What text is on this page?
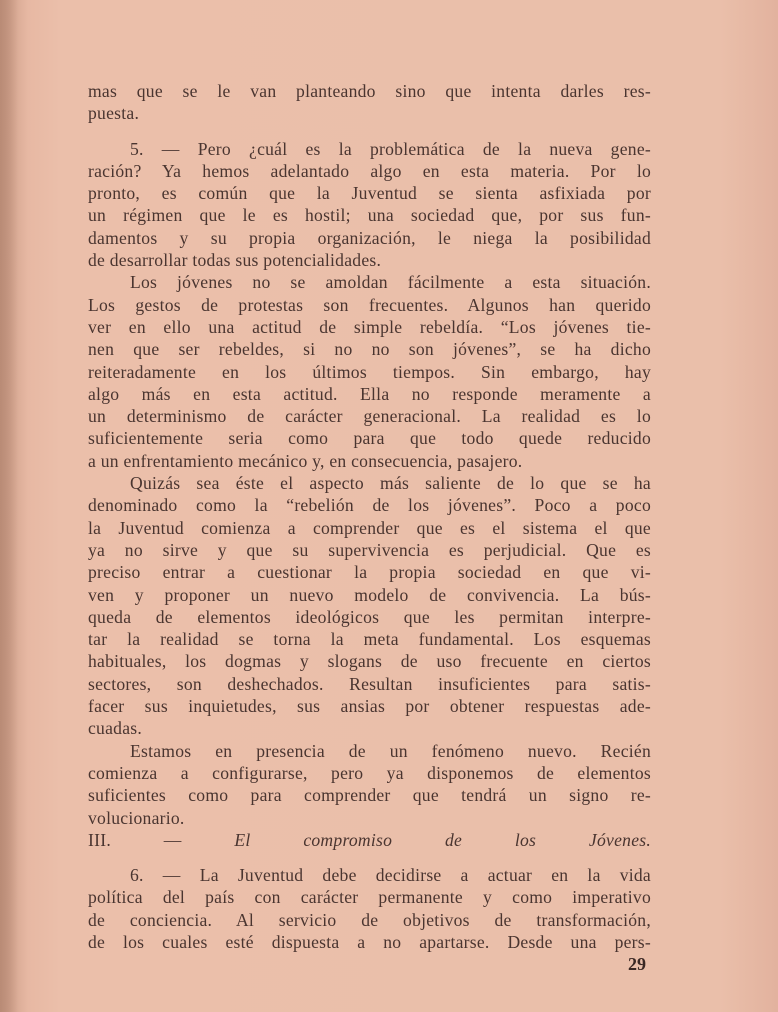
mas que se le van planteando sino que intenta darles res-

puesta.

5. — Pero ¿cuál es la problemática de la nueva gene-

ración? Ya hemos adelantado algo en esta materia. Por lo

pronto, es común que la Juventud se sienta asfixiada por

un régimen que le es hostil; una sociedad que, por sus fun-

damentos y su propia organización, le niega la posibilidad

de desarrollar todas sus potencialidades.

Los jóvenes no se amoldan fácilmente a esta situación.

Los gestos de protestas son frecuentes. Algunos han querido

ver en ello una actitud de simple rebeldía. “Los jóvenes tie-

nen que ser rebeldes, si no no son jóvenes”, se ha dicho

reiteradamente en los últimos tiempos. Sin embargo, hay

algo más en esta actitud. Ella no responde meramente a

un determinismo de carácter generacional. La realidad es lo

suficientemente seria como para que todo quede reducido

a un enfrentamiento mecánico y, en consecuencia, pasajero.

Quizás sea éste el aspecto más saliente de lo que se ha

denominado como la “rebelión de los jóvenes”. Poco a poco

la Juventud comienza a comprender que es el sistema el que

ya no sirve y que su supervivencia es perjudicial. Que es

preciso entrar a cuestionar la propia sociedad en que vi-

ven y proponer un nuevo modelo de convivencia. La bús-

queda de elementos ideológicos que les permitan interpre-

tar la realidad se torna la meta fundamental. Los esquemas

habituales, los dogmas y slogans de uso frecuente en ciertos

sectores, son deshechados. Resultan insuficientes para satis-

facer sus inquietudes, sus ansias por obtener respuestas ade-

cuadas.

Estamos en presencia de un fenómeno nuevo. Recién

comienza a configurarse, pero ya disponemos de elementos

suficientes como para comprender que tendrá un signo re-

volucionario.

III. —	El compromiso de los Jóvenes.

6. — La Juventud debe decidirse a actuar en la vida

política del país con carácter permanente y como imperativo

de conciencia. Al servicio de objetivos de transformación,

de los cuales esté dispuesta a no apartarse. Desde una pers-

29
